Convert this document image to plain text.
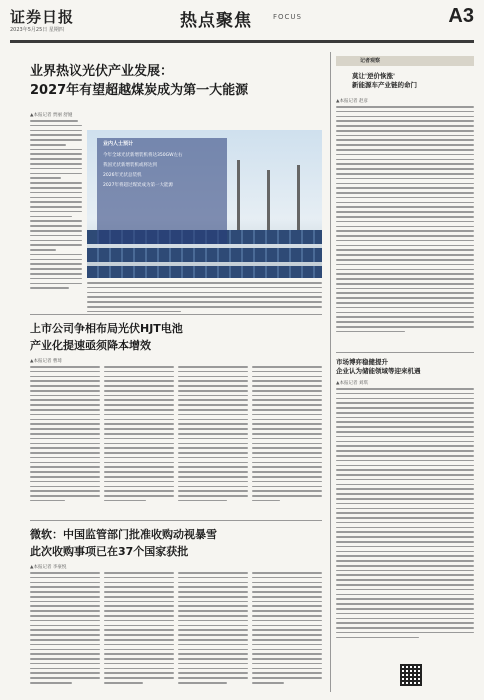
证券日报
2023年5月25日 星期四	热点聚焦	FOCUS	A3
业界热议光伏产业发展：
2027年有望超越煤炭成为第一大能源
▲本报记者 贾丽 舒娅
业内人士预计
今年全球光伏新增装机将达350GW左右
我国光伏新增装机或将达到
2026年光伏总装机
2027年将超过煤炭成为第一大能源
上市公司争相布局光伏HJT电池
产业化提速亟须降本增效
▲本报记者 曹琦
微软：中国监管部门批准收购动视暴雪
此次收购事项已在37个国家获批
▲本报记者 李豪悦
记者观察
莫让'逆价恢涨'
新能源车产业链的命门
▲本报记者 赵彦
市场博弈稳健提升
企业认为储能领域等迎来机遇
▲本报记者 刘琪
